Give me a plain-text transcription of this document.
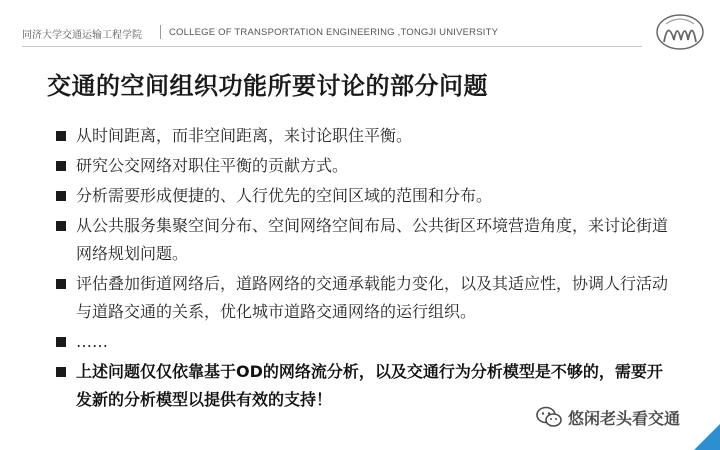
同济大学交通运输工程学院	COLLEGE OF TRANSPORTATION ENGINEERING ,TONGJI UNIVERSITY
交通的空间组织功能所要讨论的部分问题
从时间距离，而非空间距离，来讨论职住平衡。
研究公交网络对职住平衡的贡献方式。
分析需要形成便捷的、人行优先的空间区域的范围和分布。
从公共服务集聚空间分布、空间网络空间布局、公共街区环境营造角度，来讨论街道网络规划问题。
评估叠加街道网络后，道路网络的交通承载能力变化，以及其适应性，协调人行活动与道路交通的关系，优化城市道路交通网络的运行组织。
……
上述问题仅仅依靠基于OD的网络流分析，以及交通行为分析模型是不够的，需要开发新的分析模型以提供有效的支持！
悠闲老头看交通
